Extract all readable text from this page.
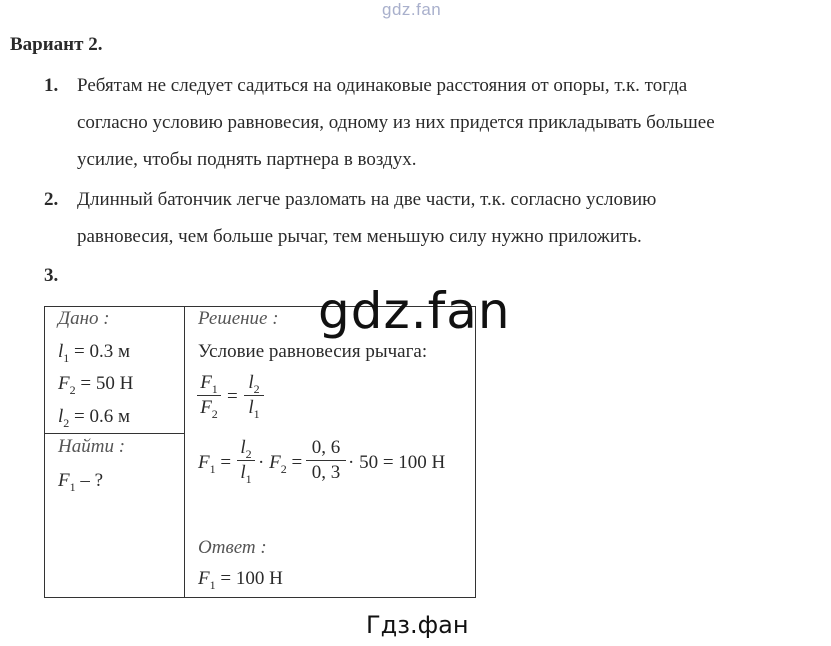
gdz.fan
Вариант 2.
1. Ребятам не следует садиться на одинаковые расстояния от опоры, т.к. тогда
согласно условию равновесия, одному из них придется прикладывать большее
усилие, чтобы поднять партнера в воздух.
2. Длинный батончик легче разломать на две части, т.к. согласно условию
равновесия, чем больше рычаг, тем меньшую силу нужно приложить.
3.
Дано :
$l_1 = 0.3$ м
$F_2 = 50$ Н
$l_2 = 0.6$ м
Найти :
$F_1$ – ?
Решение :
Условие равновесия рычага:
$F_1$
$F_2$
=
$l_2$
$l_1$
$F_1$ =
$l_2$
$l_1$
· $F_2$ =
0, 6
0, 3 · 50 = 100 Н
Ответ :
$F_1 = 100$ Н
gdz.fan
Гдз.фан
